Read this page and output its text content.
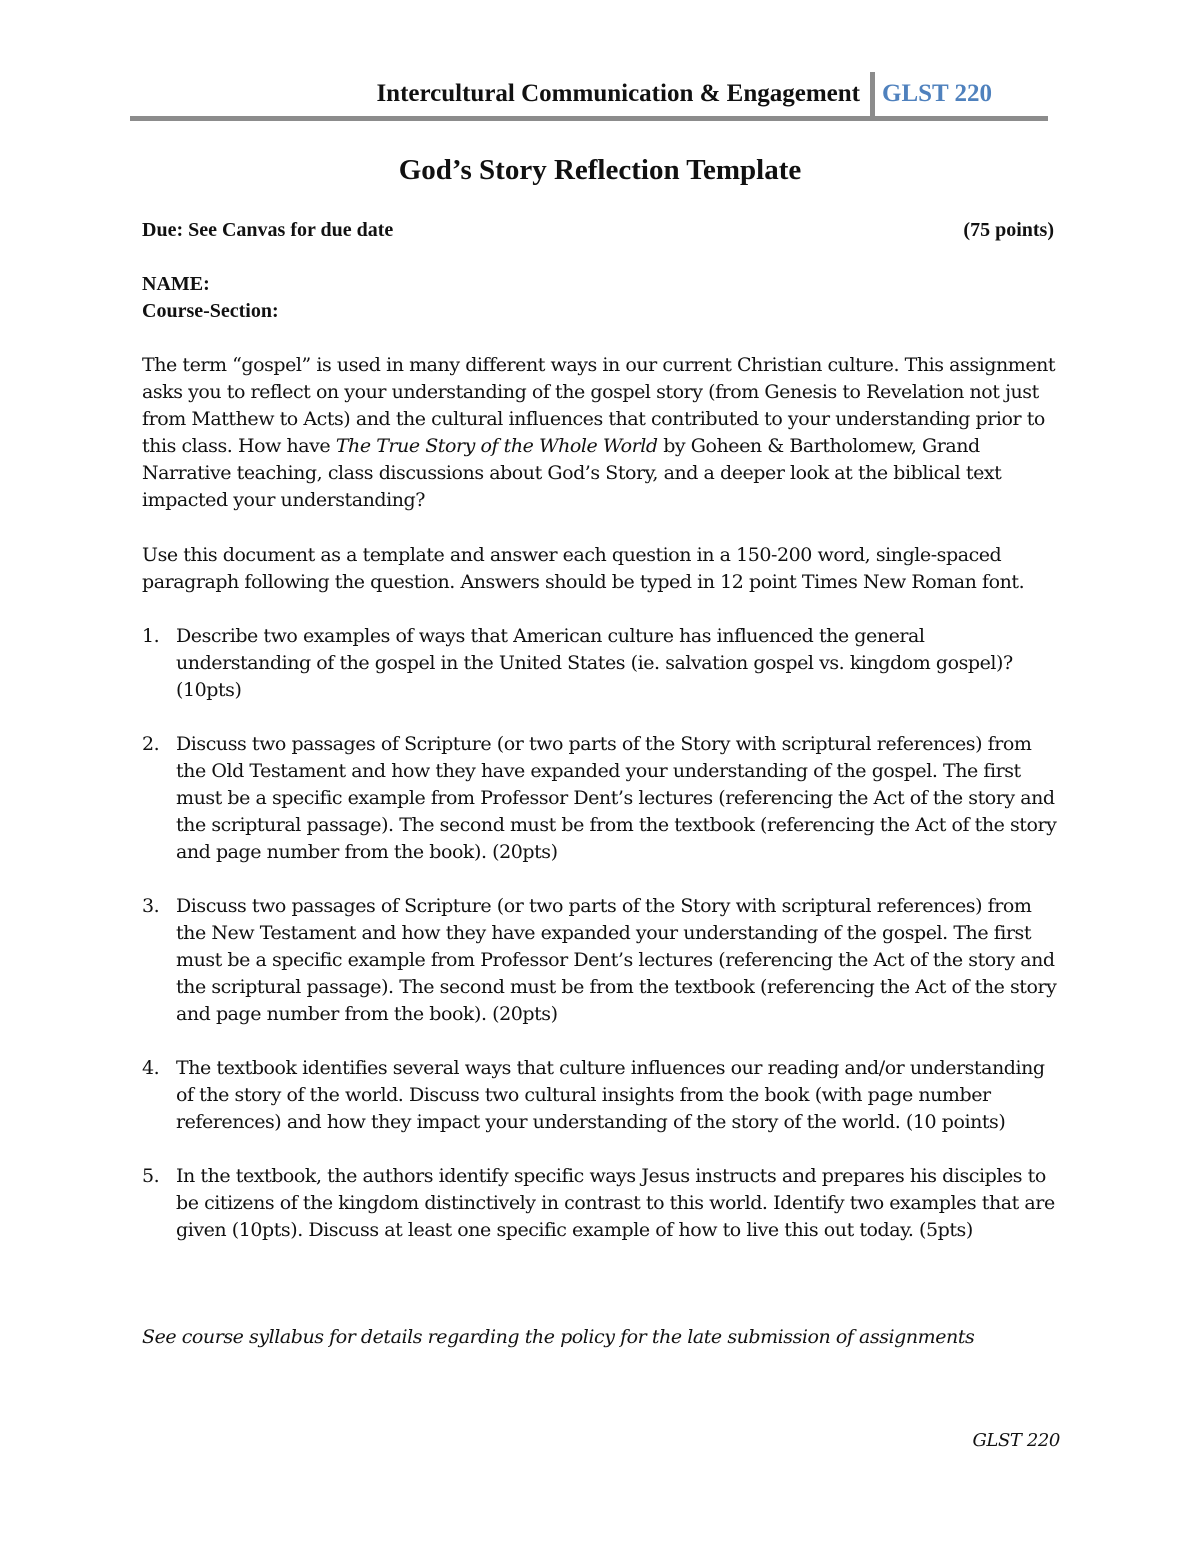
Intercultural Communication & Engagement GLST 220
God’s Story Reflection Template
Due: See Canvas for due date	(75 points)
NAME:
Course-Section:

The term “gospel” is used in many different ways in our current Christian culture. This assignment asks you to reflect on your understanding of the gospel story (from Genesis to Revelation not just from Matthew to Acts) and the cultural influences that contributed to your understanding prior to this class. How have The True Story of the Whole World by Goheen & Bartholomew, Grand Narrative teaching, class discussions about God’s Story, and a deeper look at the biblical text impacted your understanding?

Use this document as a template and answer each question in a 150-200 word, single-spaced paragraph following the question. Answers should be typed in 12 point Times New Roman font.

1. Describe two examples of ways that American culture has influenced the general understanding of the gospel in the United States (ie. salvation gospel vs. kingdom gospel)? (10pts)
2. Discuss two passages of Scripture (or two parts of the Story with scriptural references) from the Old Testament and how they have expanded your understanding of the gospel. The first must be a specific example from Professor Dent’s lectures (referencing the Act of the story and the scriptural passage). The second must be from the textbook (referencing the Act of the story and page number from the book). (20pts)
3. Discuss two passages of Scripture (or two parts of the Story with scriptural references) from the New Testament and how they have expanded your understanding of the gospel. The first must be a specific example from Professor Dent’s lectures (referencing the Act of the story and the scriptural passage). The second must be from the textbook (referencing the Act of the story and page number from the book). (20pts)
4. The textbook identifies several ways that culture influences our reading and/or understanding of the story of the world. Discuss two cultural insights from the book (with page number references) and how they impact your understanding of the story of the world. (10 points)
5. In the textbook, the authors identify specific ways Jesus instructs and prepares his disciples to be citizens of the kingdom distinctively in contrast to this world. Identify two examples that are given (10pts). Discuss at least one specific example of how to live this out today. (5pts)
See course syllabus for details regarding the policy for the late submission of assignments
GLST 220
